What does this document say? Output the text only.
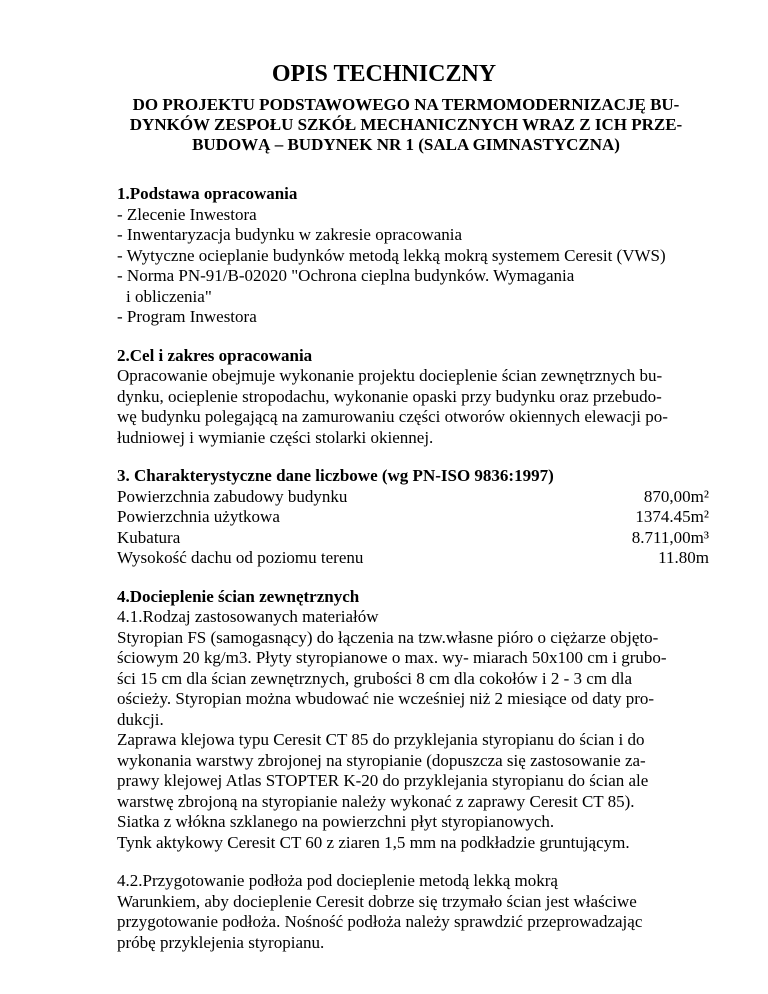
OPIS TECHNICZNY
DO PROJEKTU PODSTAWOWEGO NA TERMOMODERNIZACJĘ BU-
DYNKÓW ZESPOŁU SZKÓŁ MECHANICZNYCH WRAZ Z ICH PRZE-
BUDOWĄ – BUDYNEK NR 1 (SALA GIMNASTYCZNA)
1.Podstawa opracowania
- Zlecenie Inwestora
- Inwentaryzacja budynku w zakresie opracowania
- Wytyczne ocieplanie budynków metodą lekką mokrą systemem Ceresit (VWS)
- Norma PN-91/B-02020 "Ochrona cieplna budynków. Wymagania
i obliczenia"
- Program Inwestora
2.Cel i zakres opracowania
Opracowanie obejmuje wykonanie projektu docieplenie ścian zewnętrznych bu-
dynku, ocieplenie stropodachu, wykonanie opaski przy budynku oraz przebudo-
wę budynku polegającą na zamurowaniu części otworów okiennych elewacji po-
łudniowej i wymianie części stolarki okiennej.
3. Charakterystyczne dane liczbowe (wg PN-ISO 9836:1997)
Powierzchnia zabudowy budynku	870,00m²
Powierzchnia użytkowa	1374.45m²
Kubatura	8.711,00m³
Wysokość dachu od poziomu terenu	11.80m
4.Docieplenie ścian zewnętrznych
4.1.Rodzaj zastosowanych materiałów
Styropian FS (samogasnący) do łączenia na tzw.własne pióro o ciężarze objęto-
ściowym 20 kg/m3. Płyty styropianowe o max. wy- miarach 50x100 cm i grubo-
ści 15 cm dla ścian zewnętrznych, grubości 8 cm dla cokołów i 2 - 3 cm dla
ościeży. Styropian można wbudować nie wcześniej niż 2 miesiące od daty pro-
dukcji.
Zaprawa klejowa typu Ceresit CT 85 do przyklejania styropianu do ścian i do
wykonania warstwy zbrojonej na styropianie (dopuszcza się zastosowanie za-
prawy klejowej Atlas STOPTER K-20 do przyklejania styropianu do ścian ale
warstwę zbrojoną na styropianie należy wykonać z zaprawy Ceresit CT 85).
Siatka z włókna szklanego na powierzchni płyt styropianowych.
Tynk aktykowy Ceresit CT 60 z ziaren 1,5 mm na podkładzie gruntującym.
4.2.Przygotowanie podłoża pod docieplenie metodą lekką mokrą
Warunkiem, aby docieplenie Ceresit dobrze się trzymało ścian jest właściwe
przygotowanie podłoża. Nośność podłoża należy sprawdzić przeprowadzając
próbę przyklejenia styropianu.
